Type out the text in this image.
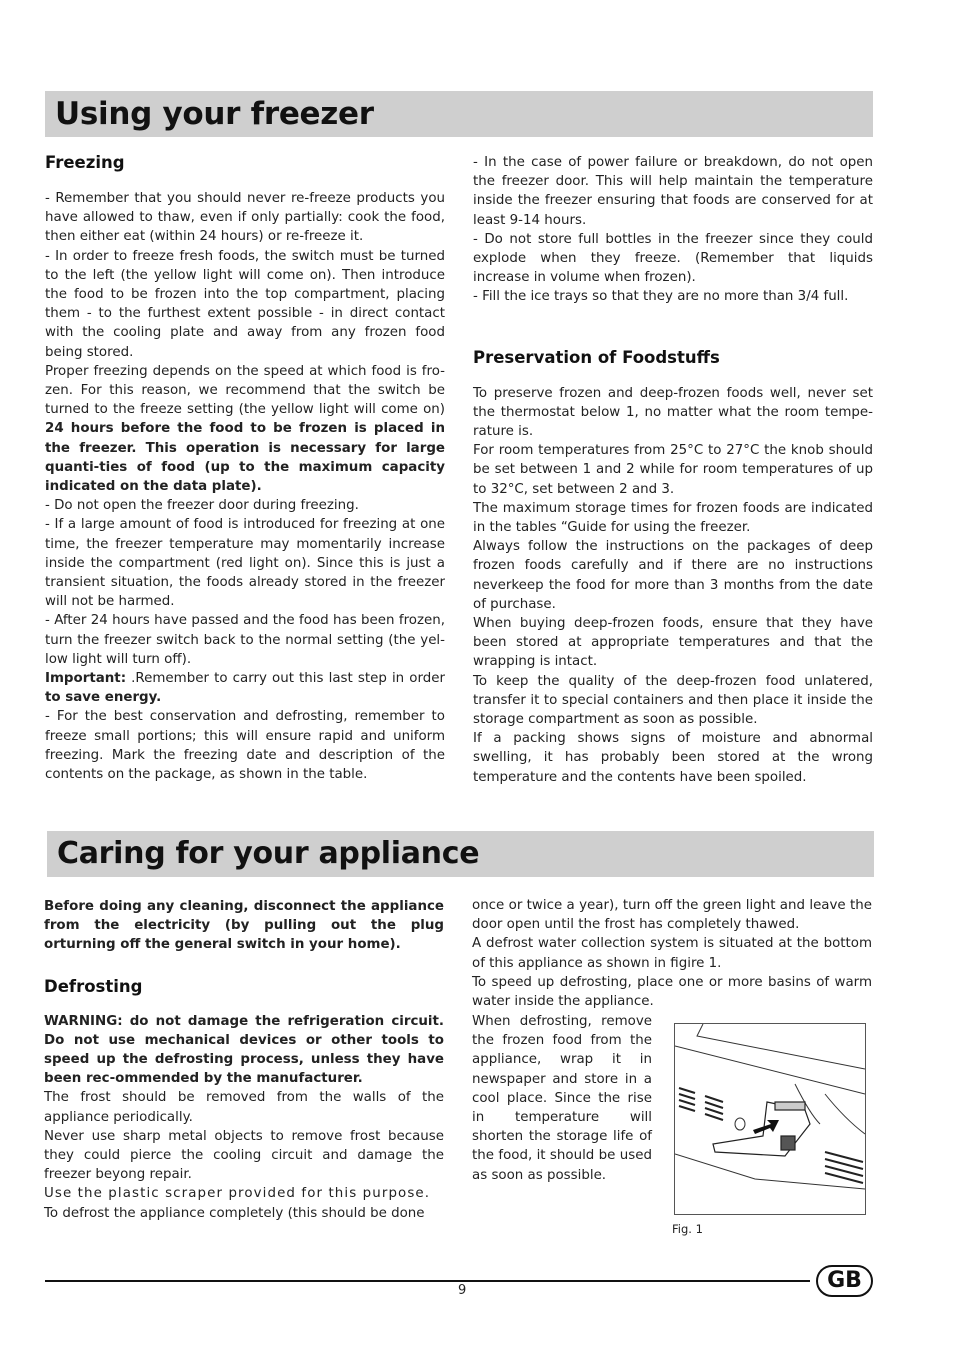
Using your freezer
Freezing

- Remember that you should never re-freeze products you have allowed to thaw, even if only partially: cook the food, then either eat (within 24 hours) or re-freeze it.

- In order to freeze fresh foods, the switch must be turned to the left (the yellow light will come on). Then introduce the food to be frozen into the top compartment, placing them - to the furthest extent possible - in direct contact with the cooling plate and away from any frozen food being stored.

Proper freezing depends on the speed at which food is fro-zen. For this reason, we recommend that the switch be turned to the freeze setting (the yellow light will come on) 24 hours before the food to be frozen is placed in the freezer. This operation is necessary for large quanti-ties of food (up to the maximum capacity indicated on the data plate).

- Do not open the freezer door during freezing.

- If a large amount of food is introduced for freezing at one time, the freezer temperature may momentarily increase inside the compartment (red light on). Since this is just a transient situation, the foods already stored in the freezer will not be harmed.

- After 24 hours have passed and the food has been frozen, turn the freezer switch back to the normal setting (the yel-low light will turn off).

Important: .Remember to carry out this last step in order to save energy.

- For the best conservation and defrosting, remember to freeze small portions; this will ensure rapid and uniform freezing. Mark the freezing date and description of the contents on the package, as shown in the table.

- In the case of power failure or breakdown, do not open the freezer door. This will help maintain the temperature inside the freezer ensuring that foods are conserved for at least 9-14 hours.

- Do not store full bottles in the freezer since they could explode when they freeze. (Remember that liquids increase in volume when frozen).

- Fill the ice trays so that they are no more than 3/4 full.

Preservation of Foodstuffs

To preserve frozen and deep-frozen foods well, never set the thermostat below 1, no matter what the room tempe-rature is.

For room temperatures from 25°C to 27°C the knob should be set between 1 and 2 while for room temperatures of up to 32°C, set between 2 and 3.

The maximum storage times for frozen foods are indicated in the tables “Guide for using the freezer.

Always follow the instructions on the packages of deep frozen foods carefully and if there are no instructions neverkeep the food for more than 3 months from the date of purchase.

When buying deep-frozen foods, ensure that they have been stored at appropriate temperatures and that the wrapping is intact.

To keep the quality of the deep-frozen food unlatered, transfer it to special containers and then place it inside the storage compartment as soon as possible.

If a packing shows signs of moisture and abnormal swelling, it has probably been stored at the wrong temperature and the contents have been spoiled.

Caring for your appliance

Before doing any cleaning, disconnect the appliance from the electricity (by pulling out the plug orturning off the general switch in your home).

Defrosting

WARNING: do not damage the refrigeration circuit. Do not use mechanical devices or other tools to speed up the defrosting process, unless they have been rec-ommended by the manufacturer.

The frost should be removed from the walls of the appliance periodically.

Never use sharp metal objects to remove frost because they could pierce the cooling circuit and damage the freezer beyong repair.

Use the plastic scraper provided for this purpose.

To defrost the appliance completely (this should be done

once or twice a year), turn off the green light and leave the door open until the frost has completely thawed.

A defrost water collection system is situated at the bottom of this appliance as shown in figire 1.

To speed up defrosting, place one or more basins of warm water inside the appliance.

When defrosting, remove the frozen food from the appliance, wrap it in newspaper and store in a cool place. Since the rise in temperature will shorten the storage life of the food, it should be used as soon as possible.

Fig. 1
9	GB
